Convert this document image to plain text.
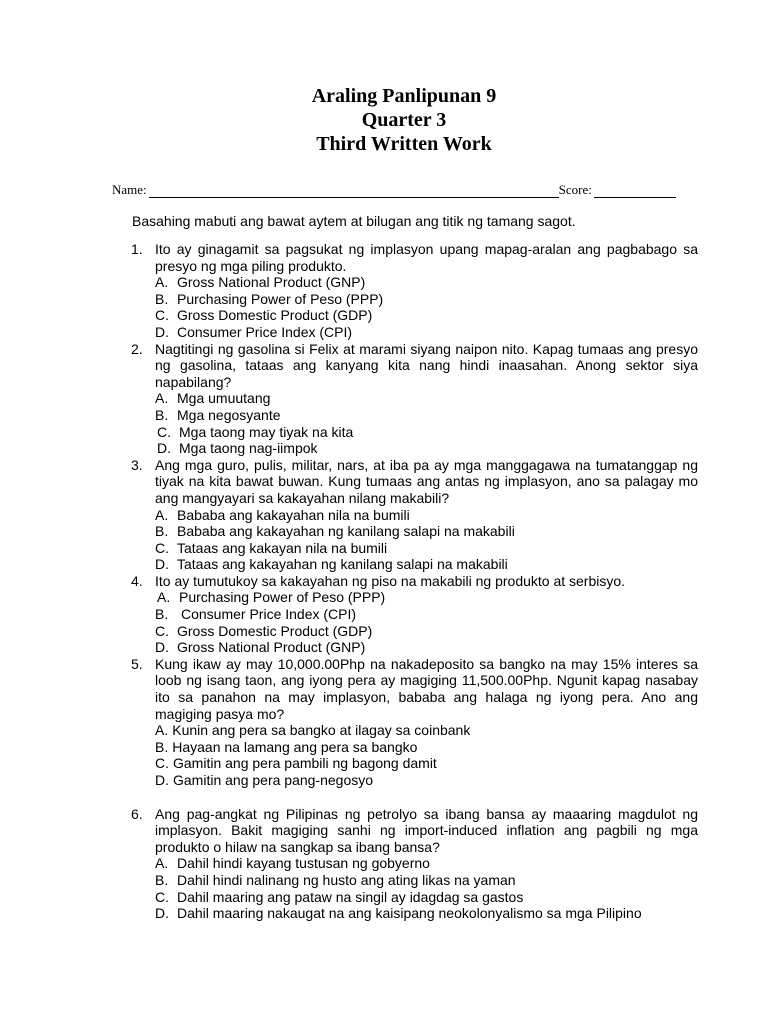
Araling Panlipunan 9
Quarter 3
Third Written Work
Name:	Score:
Basahing mabuti ang bawat aytem at bilugan ang titik ng tamang sagot.
1. Ito ay ginagamit sa pagsukat ng implasyon upang mapag-aralan ang pagbabago sa presyo ng mga piling produkto.
A. Gross National Product (GNP)
B. Purchasing Power of Peso (PPP)
C. Gross Domestic Product (GDP)
D. Consumer Price Index (CPI)
2. Nagtitingi ng gasolina si Felix at marami siyang naipon nito. Kapag tumaas ang presyo ng gasolina, tataas ang kanyang kita nang hindi inaasahan. Anong sektor siya napabilang?
A. Mga umuutang
B. Mga negosyante
C. Mga taong may tiyak na kita
D. Mga taong nag-iimpok
3. Ang mga guro, pulis, militar, nars, at iba pa ay mga manggagawa na tumatanggap ng tiyak na kita bawat buwan. Kung tumaas ang antas ng implasyon, ano sa palagay mo ang mangyayari sa kakayahan nilang makabili?
A. Bababa ang kakayahan nila na bumili
B. Bababa ang kakayahan ng kanilang salapi na makabili
C. Tataas ang kakayan nila na bumili
D. Tataas ang kakayahan ng kanilang salapi na makabili
4. Ito ay tumutukoy sa kakayahan ng piso na makabili ng produkto at serbisyo.
A. Purchasing Power of Peso (PPP)
B. Consumer Price Index (CPI)
C. Gross Domestic Product (GDP)
D. Gross National Product (GNP)
5. Kung ikaw ay may 10,000.00Php na nakadeposito sa bangko na may 15% interes sa loob ng isang taon, ang iyong pera ay magiging 11,500.00Php. Ngunit kapag nasabay ito sa panahon na may implasyon, bababa ang halaga ng iyong pera. Ano ang magiging pasya mo?
A. Kunin ang pera sa bangko at ilagay sa coinbank
B. Hayaan na lamang ang pera sa bangko
C. Gamitin ang pera pambili ng bagong damit
D. Gamitin ang pera pang-negosyo
6. Ang pag-angkat ng Pilipinas ng petrolyo sa ibang bansa ay maaaring magdulot ng implasyon. Bakit magiging sanhi ng import-induced inflation ang pagbili ng mga produkto o hilaw na sangkap sa ibang bansa?
A. Dahil hindi kayang tustusan ng gobyerno
B. Dahil hindi nalinang ng husto ang ating likas na yaman
C. Dahil maaring ang pataw na singil ay idagdag sa gastos
D. Dahil maaring nakaugat na ang kaisipang neokolonyalismo sa mga Pilipino
